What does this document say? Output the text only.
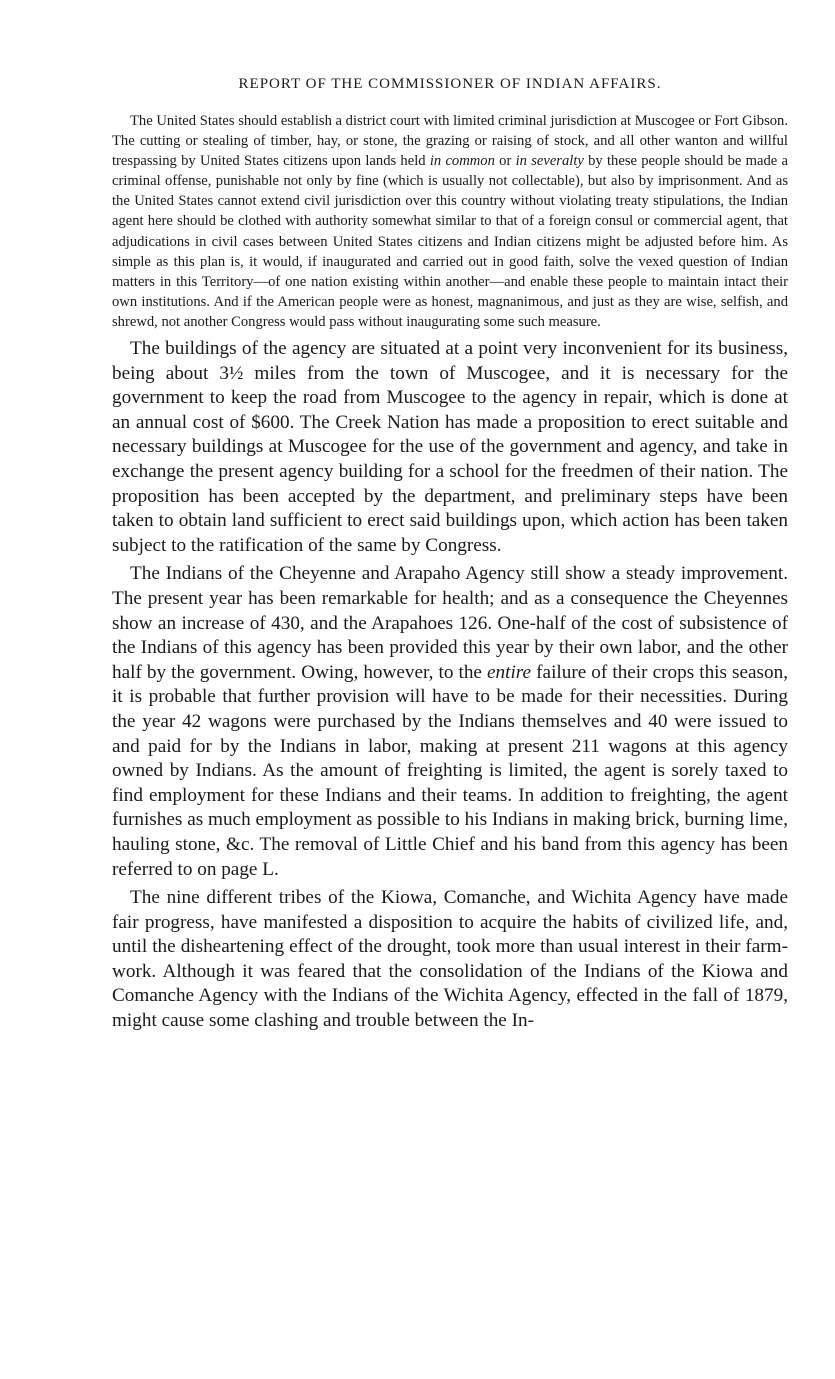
REPORT OF THE COMMISSIONER OF INDIAN AFFAIRS.

The United States should establish a district court with limited criminal jurisdiction at Muscogee or Fort Gibson. The cutting or stealing of timber, hay, or stone, the grazing or raising of stock, and all other wanton and willful trespassing by United States citizens upon lands held in common or in severalty by these people should be made a criminal offense, punishable not only by fine (which is usually not collectable), but also by imprisonment. And as the United States cannot extend civil jurisdiction over this country without violating treaty stipulations, the Indian agent here should be clothed with authority somewhat similar to that of a foreign consul or commercial agent, that adjudications in civil cases between United States citizens and Indian citizens might be adjusted before him. As simple as this plan is, it would, if inaugurated and carried out in good faith, solve the vexed question of Indian matters in this Territory—of one nation existing within another—and enable these people to maintain intact their own institutions. And if the American people were as honest, magnanimous, and just as they are wise, selfish, and shrewd, not another Congress would pass without inaugurating some such measure.

The buildings of the agency are situated at a point very inconvenient for its business, being about 3½ miles from the town of Muscogee, and it is necessary for the government to keep the road from Muscogee to the agency in repair, which is done at an annual cost of $600. The Creek Nation has made a proposition to erect suitable and necessary buildings at Muscogee for the use of the government and agency, and take in exchange the present agency building for a school for the freedmen of their nation. The proposition has been accepted by the department, and preliminary steps have been taken to obtain land sufficient to erect said buildings upon, which action has been taken subject to the ratification of the same by Congress.

The Indians of the Cheyenne and Arapaho Agency still show a steady improvement. The present year has been remarkable for health; and as a consequence the Cheyennes show an increase of 430, and the Arapahoes 126. One-half of the cost of subsistence of the Indians of this agency has been provided this year by their own labor, and the other half by the government. Owing, however, to the entire failure of their crops this season, it is probable that further provision will have to be made for their necessities. During the year 42 wagons were purchased by the Indians themselves and 40 were issued to and paid for by the Indians in labor, making at present 211 wagons at this agency owned by Indians. As the amount of freighting is limited, the agent is sorely taxed to find employment for these Indians and their teams. In addition to freighting, the agent furnishes as much employment as possible to his Indians in making brick, burning lime, hauling stone, &c. The removal of Little Chief and his band from this agency has been referred to on page L.

The nine different tribes of the Kiowa, Comanche, and Wichita Agency have made fair progress, have manifested a disposition to acquire the habits of civilized life, and, until the disheartening effect of the drought, took more than usual interest in their farm-work. Although it was feared that the consolidation of the Indians of the Kiowa and Comanche Agency with the Indians of the Wichita Agency, effected in the fall of 1879, might cause some clashing and trouble between the In-
